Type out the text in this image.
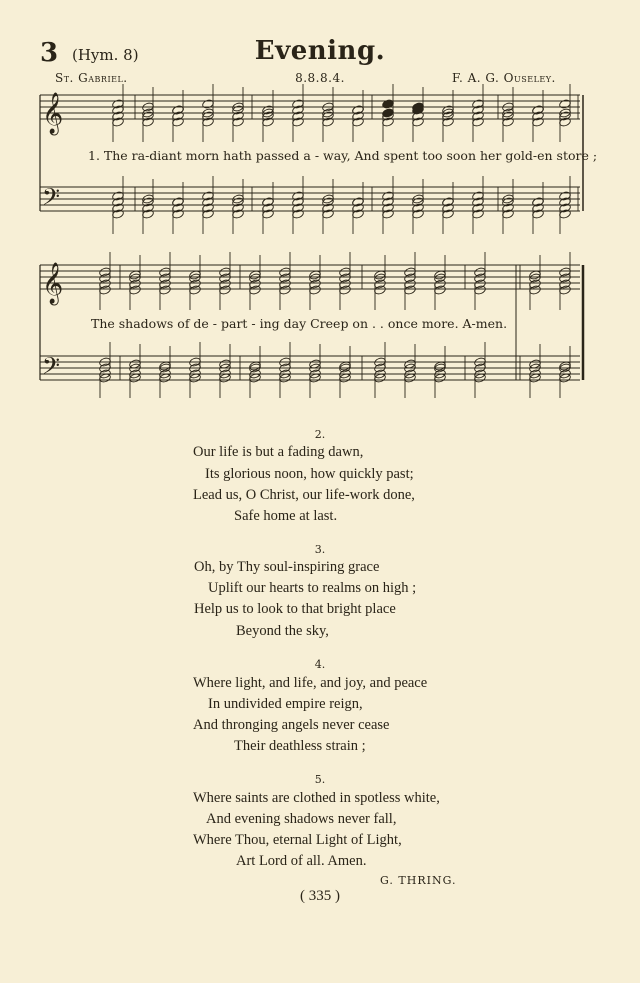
3 (Hym. 8)	Evening.
St. Gabriel.	8.8.8.4.	F. A. G. Ouseley.
𝄞
𝄢
𝄞
𝄢
1. The ra-diant morn hath passed a - way, And spent too soon her gold-en store ;
The shadows of de - part - ing day Creep on . . once more. A-men.
2.
Our life is but a fading dawn,
Its glorious noon, how quickly past;
Lead us, O Christ, our life-work done,
Safe home at last.
3.
Oh, by Thy soul-inspiring grace
Uplift our hearts to realms on high ;
Help us to look to that bright place
Beyond the sky,
4.
Where light, and life, and joy, and peace
In undivided empire reign,
And thronging angels never cease
Their deathless strain ;
5.
Where saints are clothed in spotless white,
And evening shadows never fall,
Where Thou, eternal Light of Light,
Art Lord of all. Amen.
G. THRING.
( 335 )
